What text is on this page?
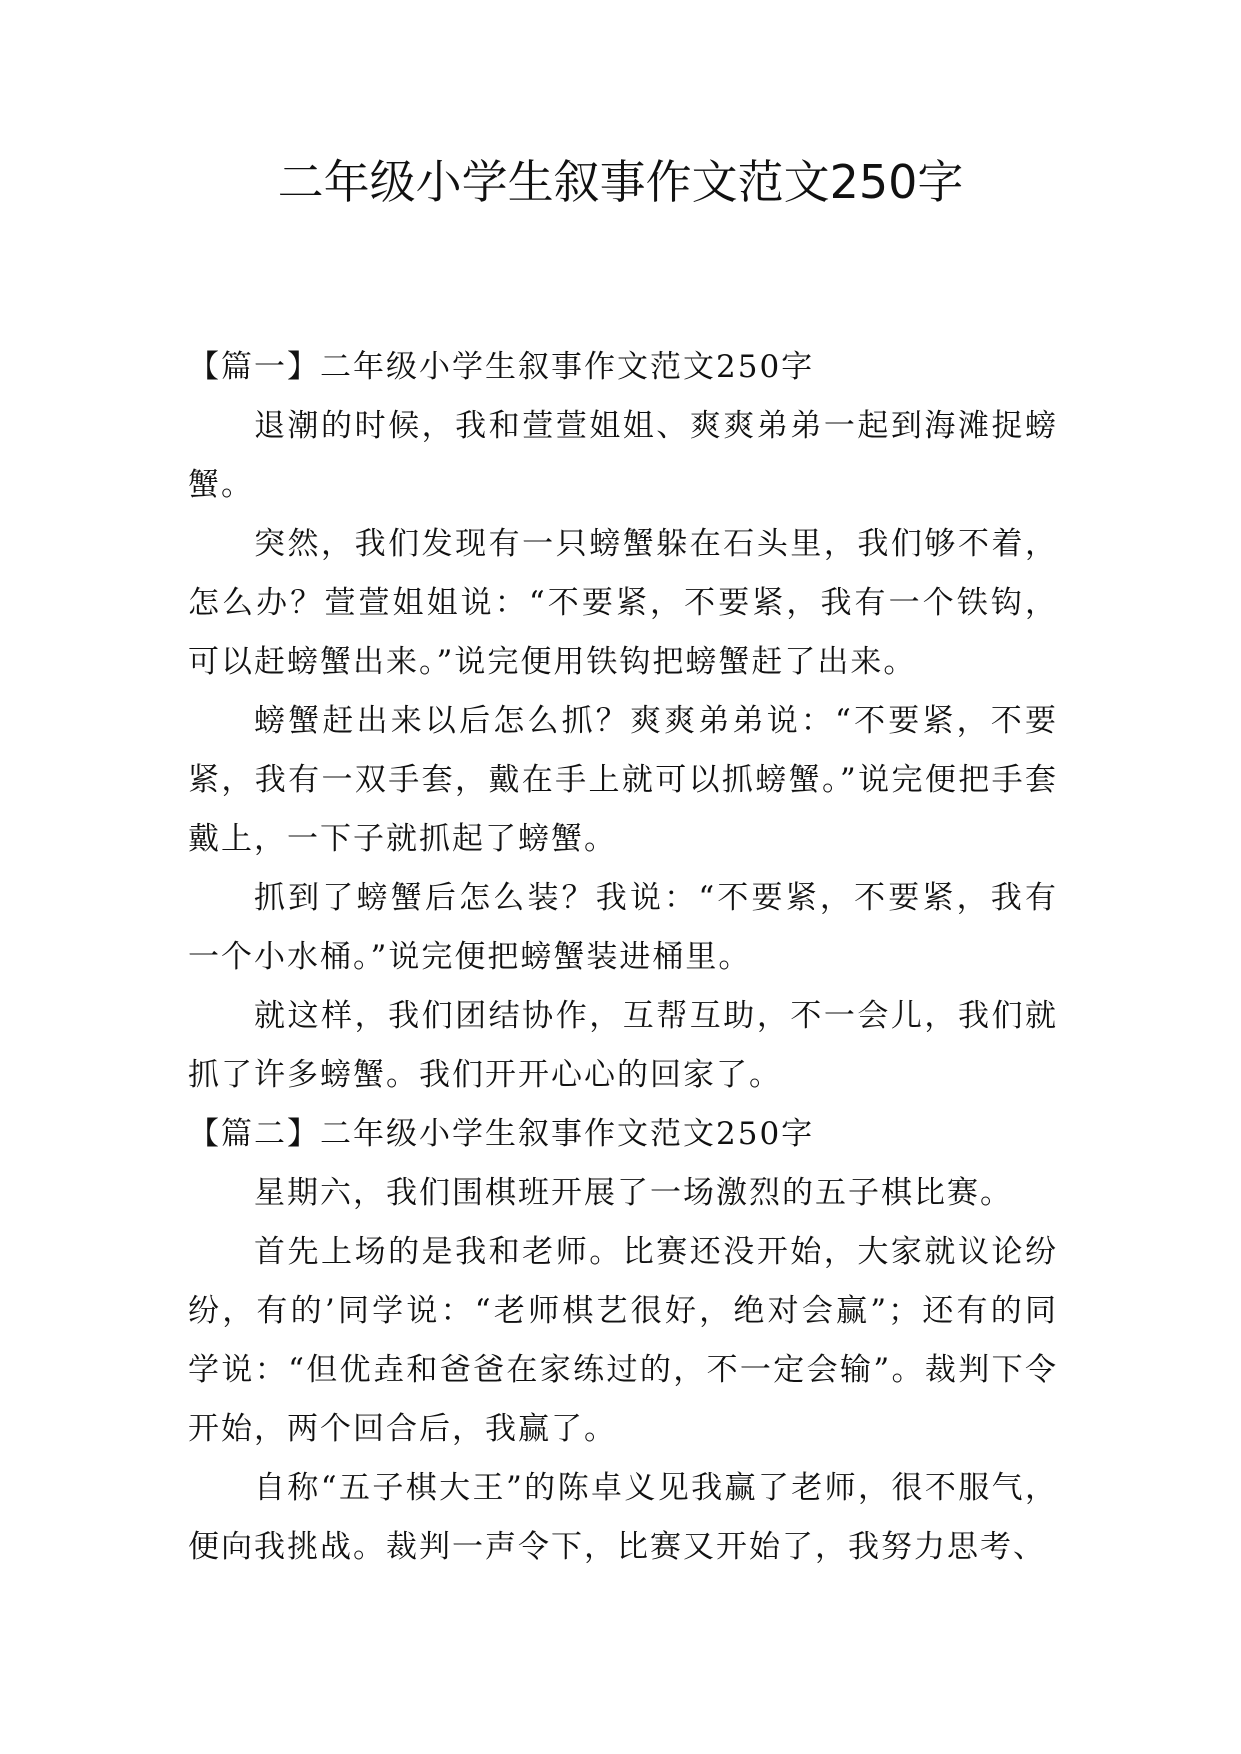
二年级小学生叙事作文范文250字

【篇一】二年级小学生叙事作文范文250字

退潮的时候，我和萱萱姐姐、爽爽弟弟一起到海滩捉螃蟹。

突然，我们发现有一只螃蟹躲在石头里，我们够不着，怎么办？萱萱姐姐说：“不要紧，不要紧，我有一个铁钩，可以赶螃蟹出来。”说完便用铁钩把螃蟹赶了出来。

螃蟹赶出来以后怎么抓？爽爽弟弟说：“不要紧，不要紧，我有一双手套，戴在手上就可以抓螃蟹。”说完便把手套戴上，一下子就抓起了螃蟹。

抓到了螃蟹后怎么装？我说：“不要紧，不要紧，我有一个小水桶。”说完便把螃蟹装进桶里。

就这样，我们团结协作，互帮互助，不一会儿，我们就抓了许多螃蟹。我们开开心心的回家了。

【篇二】二年级小学生叙事作文范文250字

星期六，我们围棋班开展了一场激烈的五子棋比赛。

首先上场的是我和老师。比赛还没开始，大家就议论纷纷，有的’同学说：“老师棋艺很好，绝对会赢”；还有的同学说：“但优垚和爸爸在家练过的，不一定会输”。裁判下令开始，两个回合后，我赢了。

自称“五子棋大王”的陈卓义见我赢了老师，很不服气，便向我挑战。裁判一声令下，比赛又开始了，我努力思考、
